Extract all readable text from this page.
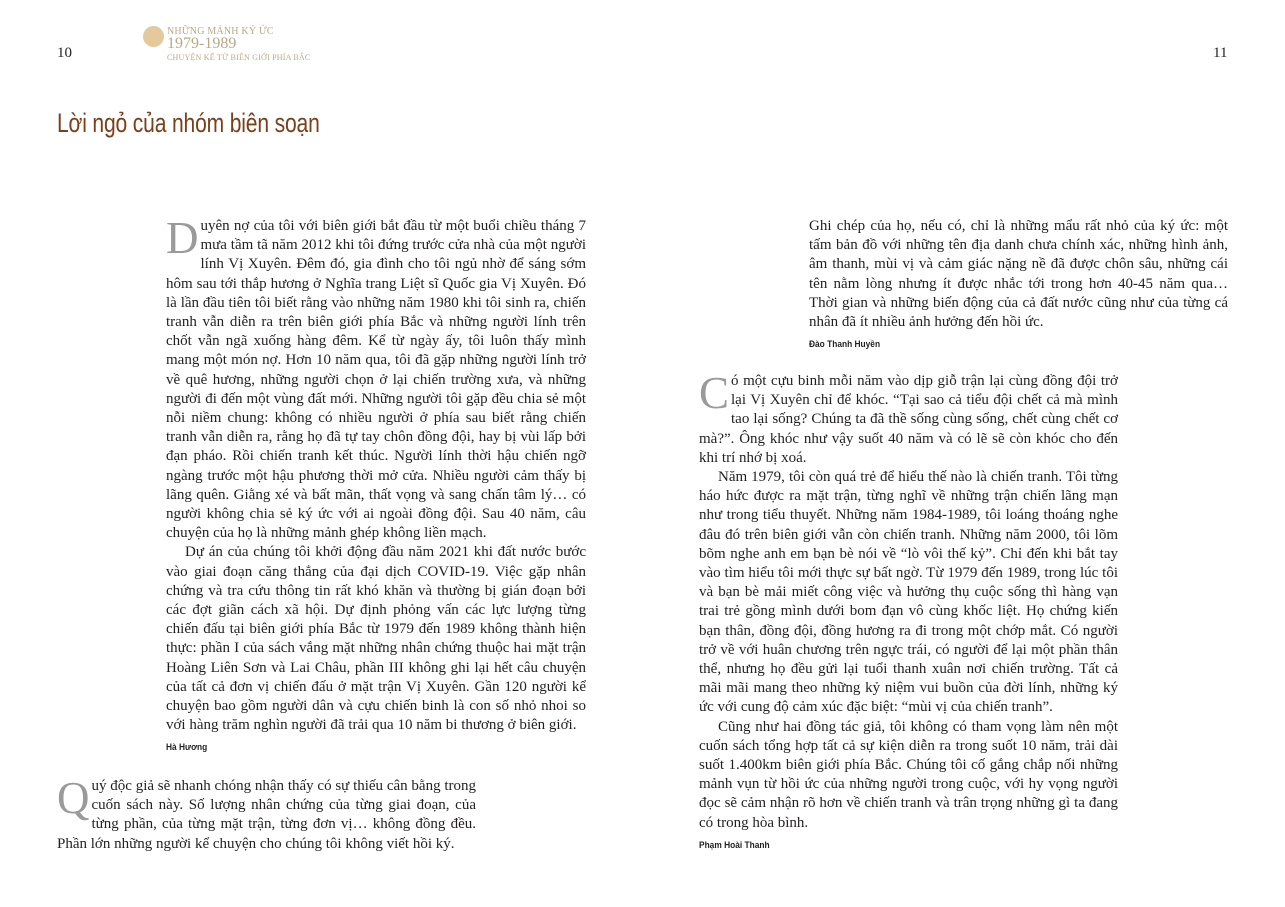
10	11
NHỮNG MẢNH KÝ ỨC
1979-1989
CHUYỆN KỂ TỪ BIÊN GIỚI PHÍA BẮC
Lời ngỏ của nhóm biên soạn

Duyên nợ của tôi với biên giới bắt đầu từ một buổi chiều tháng 7 mưa tầm tã năm 2012 khi tôi đứng trước cửa nhà của một người lính Vị Xuyên. Đêm đó, gia đình cho tôi ngủ nhờ để sáng sớm hôm sau tới thắp hương ở Nghĩa trang Liệt sĩ Quốc gia Vị Xuyên. Đó là lần đầu tiên tôi biết rằng vào những năm 1980 khi tôi sinh ra, chiến tranh vẫn diễn ra trên biên giới phía Bắc và những người lính trên chốt vẫn ngã xuống hàng đêm. Kể từ ngày ấy, tôi luôn thấy mình mang một món nợ. Hơn 10 năm qua, tôi đã gặp những người lính trở về quê hương, những người chọn ở lại chiến trường xưa, và những người đi đến một vùng đất mới. Những người tôi gặp đều chia sẻ một nỗi niềm chung: không có nhiều người ở phía sau biết rằng chiến tranh vẫn diễn ra, rằng họ đã tự tay chôn đồng đội, hay bị vùi lấp bởi đạn pháo. Rồi chiến tranh kết thúc. Người lính thời hậu chiến ngỡ ngàng trước một hậu phương thời mở cửa. Nhiều người cảm thấy bị lãng quên. Giằng xé và bất mãn, thất vọng và sang chấn tâm lý… có người không chia sẻ ký ức với ai ngoài đồng đội. Sau 40 năm, câu chuyện của họ là những mảnh ghép không liền mạch.

Dự án của chúng tôi khởi động đầu năm 2021 khi đất nước bước vào giai đoạn căng thẳng của đại dịch COVID-19. Việc gặp nhân chứng và tra cứu thông tin rất khó khăn và thường bị gián đoạn bởi các đợt giãn cách xã hội. Dự định phỏng vấn các lực lượng từng chiến đấu tại biên giới phía Bắc từ 1979 đến 1989 không thành hiện thực: phần I của sách vắng mặt những nhân chứng thuộc hai mặt trận Hoàng Liên Sơn và Lai Châu, phần III không ghi lại hết câu chuyện của tất cả đơn vị chiến đấu ở mặt trận Vị Xuyên. Gần 120 người kể chuyện bao gồm người dân và cựu chiến binh là con số nhỏ nhoi so với hàng trăm nghìn người đã trải qua 10 năm bi thương ở biên giới.

Hà Hương

Quý độc giả sẽ nhanh chóng nhận thấy có sự thiếu cân bằng trong cuốn sách này. Số lượng nhân chứng của từng giai đoạn, của từng phần, của từng mặt trận, từng đơn vị… không đồng đều. Phần lớn những người kể chuyện cho chúng tôi không viết hồi ký.

Ghi chép của họ, nếu có, chỉ là những mẩu rất nhỏ của ký ức: một tấm bản đồ với những tên địa danh chưa chính xác, những hình ảnh, âm thanh, mùi vị và cảm giác nặng nề đã được chôn sâu, những cái tên nằm lòng nhưng ít được nhắc tới trong hơn 40-45 năm qua… Thời gian và những biến động của cả đất nước cũng như của từng cá nhân đã ít nhiều ảnh hưởng đến hồi ức.

Đào Thanh Huyền

Có một cựu binh mỗi năm vào dịp giỗ trận lại cùng đồng đội trở lại Vị Xuyên chỉ để khóc. “Tại sao cả tiểu đội chết cả mà mình tao lại sống? Chúng ta đã thề sống cùng sống, chết cùng chết cơ mà?”. Ông khóc như vậy suốt 40 năm và có lẽ sẽ còn khóc cho đến khi trí nhớ bị xoá.

Năm 1979, tôi còn quá trẻ để hiểu thế nào là chiến tranh. Tôi từng háo hức được ra mặt trận, từng nghĩ về những trận chiến lãng mạn như trong tiểu thuyết. Những năm 1984-1989, tôi loáng thoáng nghe đâu đó trên biên giới vẫn còn chiến tranh. Những năm 2000, tôi lõm bõm nghe anh em bạn bè nói về “lò vôi thế kỷ”. Chỉ đến khi bắt tay vào tìm hiểu tôi mới thực sự bất ngờ. Từ 1979 đến 1989, trong lúc tôi và bạn bè mải miết công việc và hưởng thụ cuộc sống thì hàng vạn trai trẻ gồng mình dưới bom đạn vô cùng khốc liệt. Họ chứng kiến bạn thân, đồng đội, đồng hương ra đi trong một chớp mắt. Có người trở về với huân chương trên ngực trái, có người để lại một phần thân thể, nhưng họ đều gửi lại tuổi thanh xuân nơi chiến trường. Tất cả mãi mãi mang theo những kỷ niệm vui buồn của đời lính, những ký ức với cung độ cảm xúc đặc biệt: “mùi vị của chiến tranh”.

Cũng như hai đồng tác giả, tôi không có tham vọng làm nên một cuốn sách tổng hợp tất cả sự kiện diễn ra trong suốt 10 năm, trải dài suốt 1.400km biên giới phía Bắc. Chúng tôi cố gắng chắp nối những mảnh vụn từ hồi ức của những người trong cuộc, với hy vọng người đọc sẽ cảm nhận rõ hơn về chiến tranh và trân trọng những gì ta đang có trong hòa bình.

Phạm Hoài Thanh
